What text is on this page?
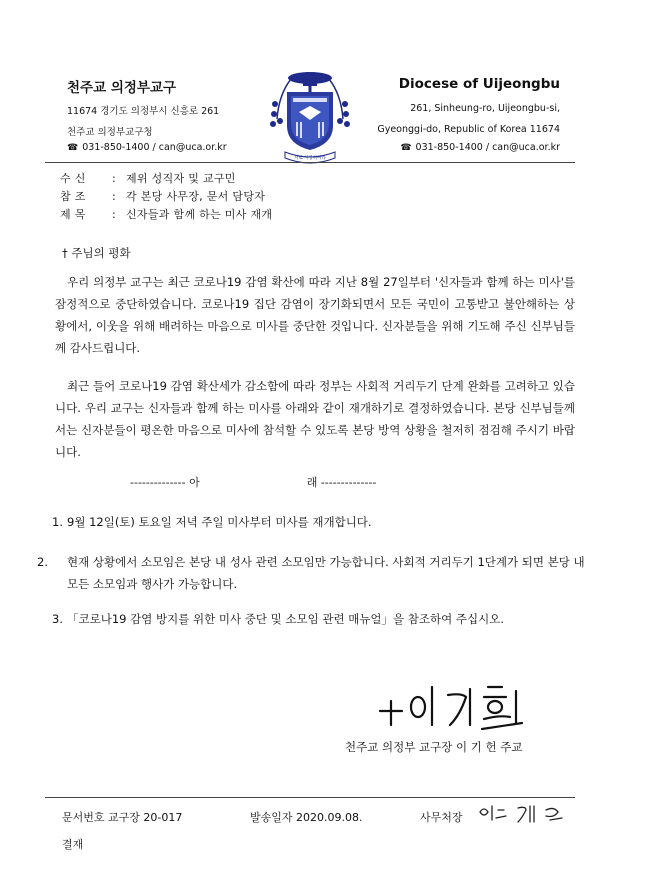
천주교 의정부교구
11674 경기도 의정부시 신흥로 261
천주교 의정부교구청
☎ 031-850-1400 / can@uca.or.kr
서로 사랑하여라
Diocese of Uijeongbu
261, Sinheung-ro, Uijeongbu-si,
Gyeonggi-do, Republic of Korea 11674
☎ 031-850-1400 / can@uca.or.kr
수 신 : 제위 성직자 및 교구민
참 조 : 각 본당 사무장, 문서 담당자
제 목 : 신자들과 함께 하는 미사 재개
† 주님의 평화
우리 의정부 교구는 최근 코로나19 감염 확산에 따라 지난 8월 27일부터 '신자들과 함께 하는 미사'를 잠정적으로 중단하였습니다. 코로나19 집단 감염이 장기화되면서 모든 국민이 고통받고 불안해하는 상황에서, 이웃을 위해 배려하는 마음으로 미사를 중단한 것입니다. 신자분들을 위해 기도해 주신 신부님들께 감사드립니다.
최근 들어 코로나19 감염 확산세가 감소함에 따라 정부는 사회적 거리두기 단계 완화를 고려하고 있습니다. 우리 교구는 신자들과 함께 하는 미사를 아래와 같이 재개하기로 결정하였습니다. 본당 신부님들께서는 신자분들이 평온한 마음으로 미사에 참석할 수 있도록 본당 방역 상황을 철저히 점검해 주시기 바랍니다.
-------------- 아	래 --------------
1. 9월 12일(토) 토요일 저녁 주일 미사부터 미사를 재개합니다.
2. 현재 상황에서 소모임은 본당 내 성사 관련 소모임만 가능합니다. 사회적 거리두기 1단계가 되면 본당 내 모든 소모임과 행사가 가능합니다.
3. 「코로나19 감염 방지를 위한 미사 중단 및 소모임 관련 매뉴얼」을 참조하여 주십시오.
천주교 의정부 교구장 이 기 헌 주교
문서번호 교구장 20-017	발송일자 2020.09.08.	사무처장
결재
